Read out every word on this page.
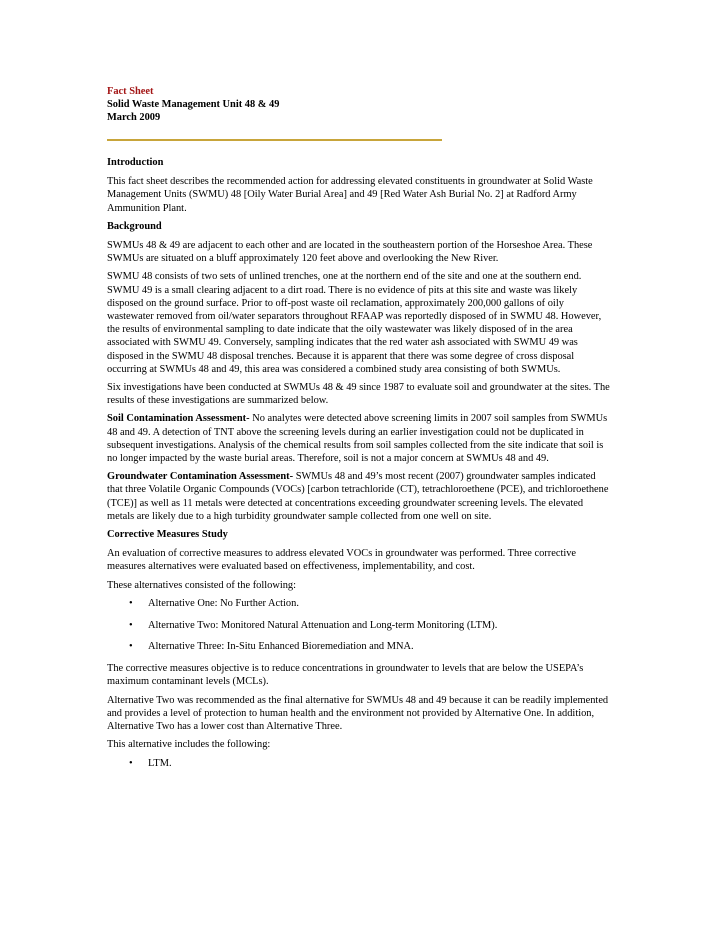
Fact Sheet
Solid Waste Management Unit 48 & 49
March 2009
Introduction

This fact sheet describes the recommended action for addressing elevated constituents in groundwater at Solid Waste Management Units (SWMU) 48 [Oily Water Burial Area] and 49 [Red Water Ash Burial No. 2] at Radford Army Ammunition Plant.

Background

SWMUs 48 & 49 are adjacent to each other and are located in the southeastern portion of the Horseshoe Area. These SWMUs are situated on a bluff approximately 120 feet above and overlooking the New River.

SWMU 48 consists of two sets of unlined trenches, one at the northern end of the site and one at the southern end. SWMU 49 is a small clearing adjacent to a dirt road. There is no evidence of pits at this site and waste was likely disposed on the ground surface. Prior to off-post waste oil reclamation, approximately 200,000 gallons of oily wastewater removed from oil/water separators throughout RFAAP was reportedly disposed of in SWMU 48. However, the results of environmental sampling to date indicate that the oily wastewater was likely disposed of in the area associated with SWMU 49. Conversely, sampling indicates that the red water ash associated with SWMU 49 was disposed in the SWMU 48 disposal trenches. Because it is apparent that there was some degree of cross disposal occurring at SWMUs 48 and 49, this area was considered a combined study area consisting of both SWMUs.

Six investigations have been conducted at SWMUs 48 & 49 since 1987 to evaluate soil and groundwater at the sites. The results of these investigations are summarized below.

Soil Contamination Assessment- No analytes were detected above screening limits in 2007 soil samples from SWMUs 48 and 49. A detection of TNT above the screening levels during an earlier investigation could not be duplicated in subsequent investigations. Analysis of the chemical results from soil samples collected from the site indicate that soil is no longer impacted by the waste burial areas. Therefore, soil is not a major concern at SWMUs 48 and 49.

Groundwater Contamination Assessment- SWMUs 48 and 49’s most recent (2007) groundwater samples indicated that three Volatile Organic Compounds (VOCs) [carbon tetrachloride (CT), tetrachloroethene (PCE), and trichloroethene (TCE)] as well as 11 metals were detected at concentrations exceeding groundwater screening levels. The elevated metals are likely due to a high turbidity groundwater sample collected from one well on site.

Corrective Measures Study

An evaluation of corrective measures to address elevated VOCs in groundwater was performed. Three corrective measures alternatives were evaluated based on effectiveness, implementability, and cost.

These alternatives consisted of the following:

• Alternative One: No Further Action.
• Alternative Two: Monitored Natural Attenuation and Long-term Monitoring (LTM).
• Alternative Three: In-Situ Enhanced Bioremediation and MNA.

The corrective measures objective is to reduce concentrations in groundwater to levels that are below the USEPA’s maximum contaminant levels (MCLs).

Alternative Two was recommended as the final alternative for SWMUs 48 and 49 because it can be readily implemented and provides a level of protection to human health and the environment not provided by Alternative One. In addition, Alternative Two has a lower cost than Alternative Three.

This alternative includes the following:

• LTM.
